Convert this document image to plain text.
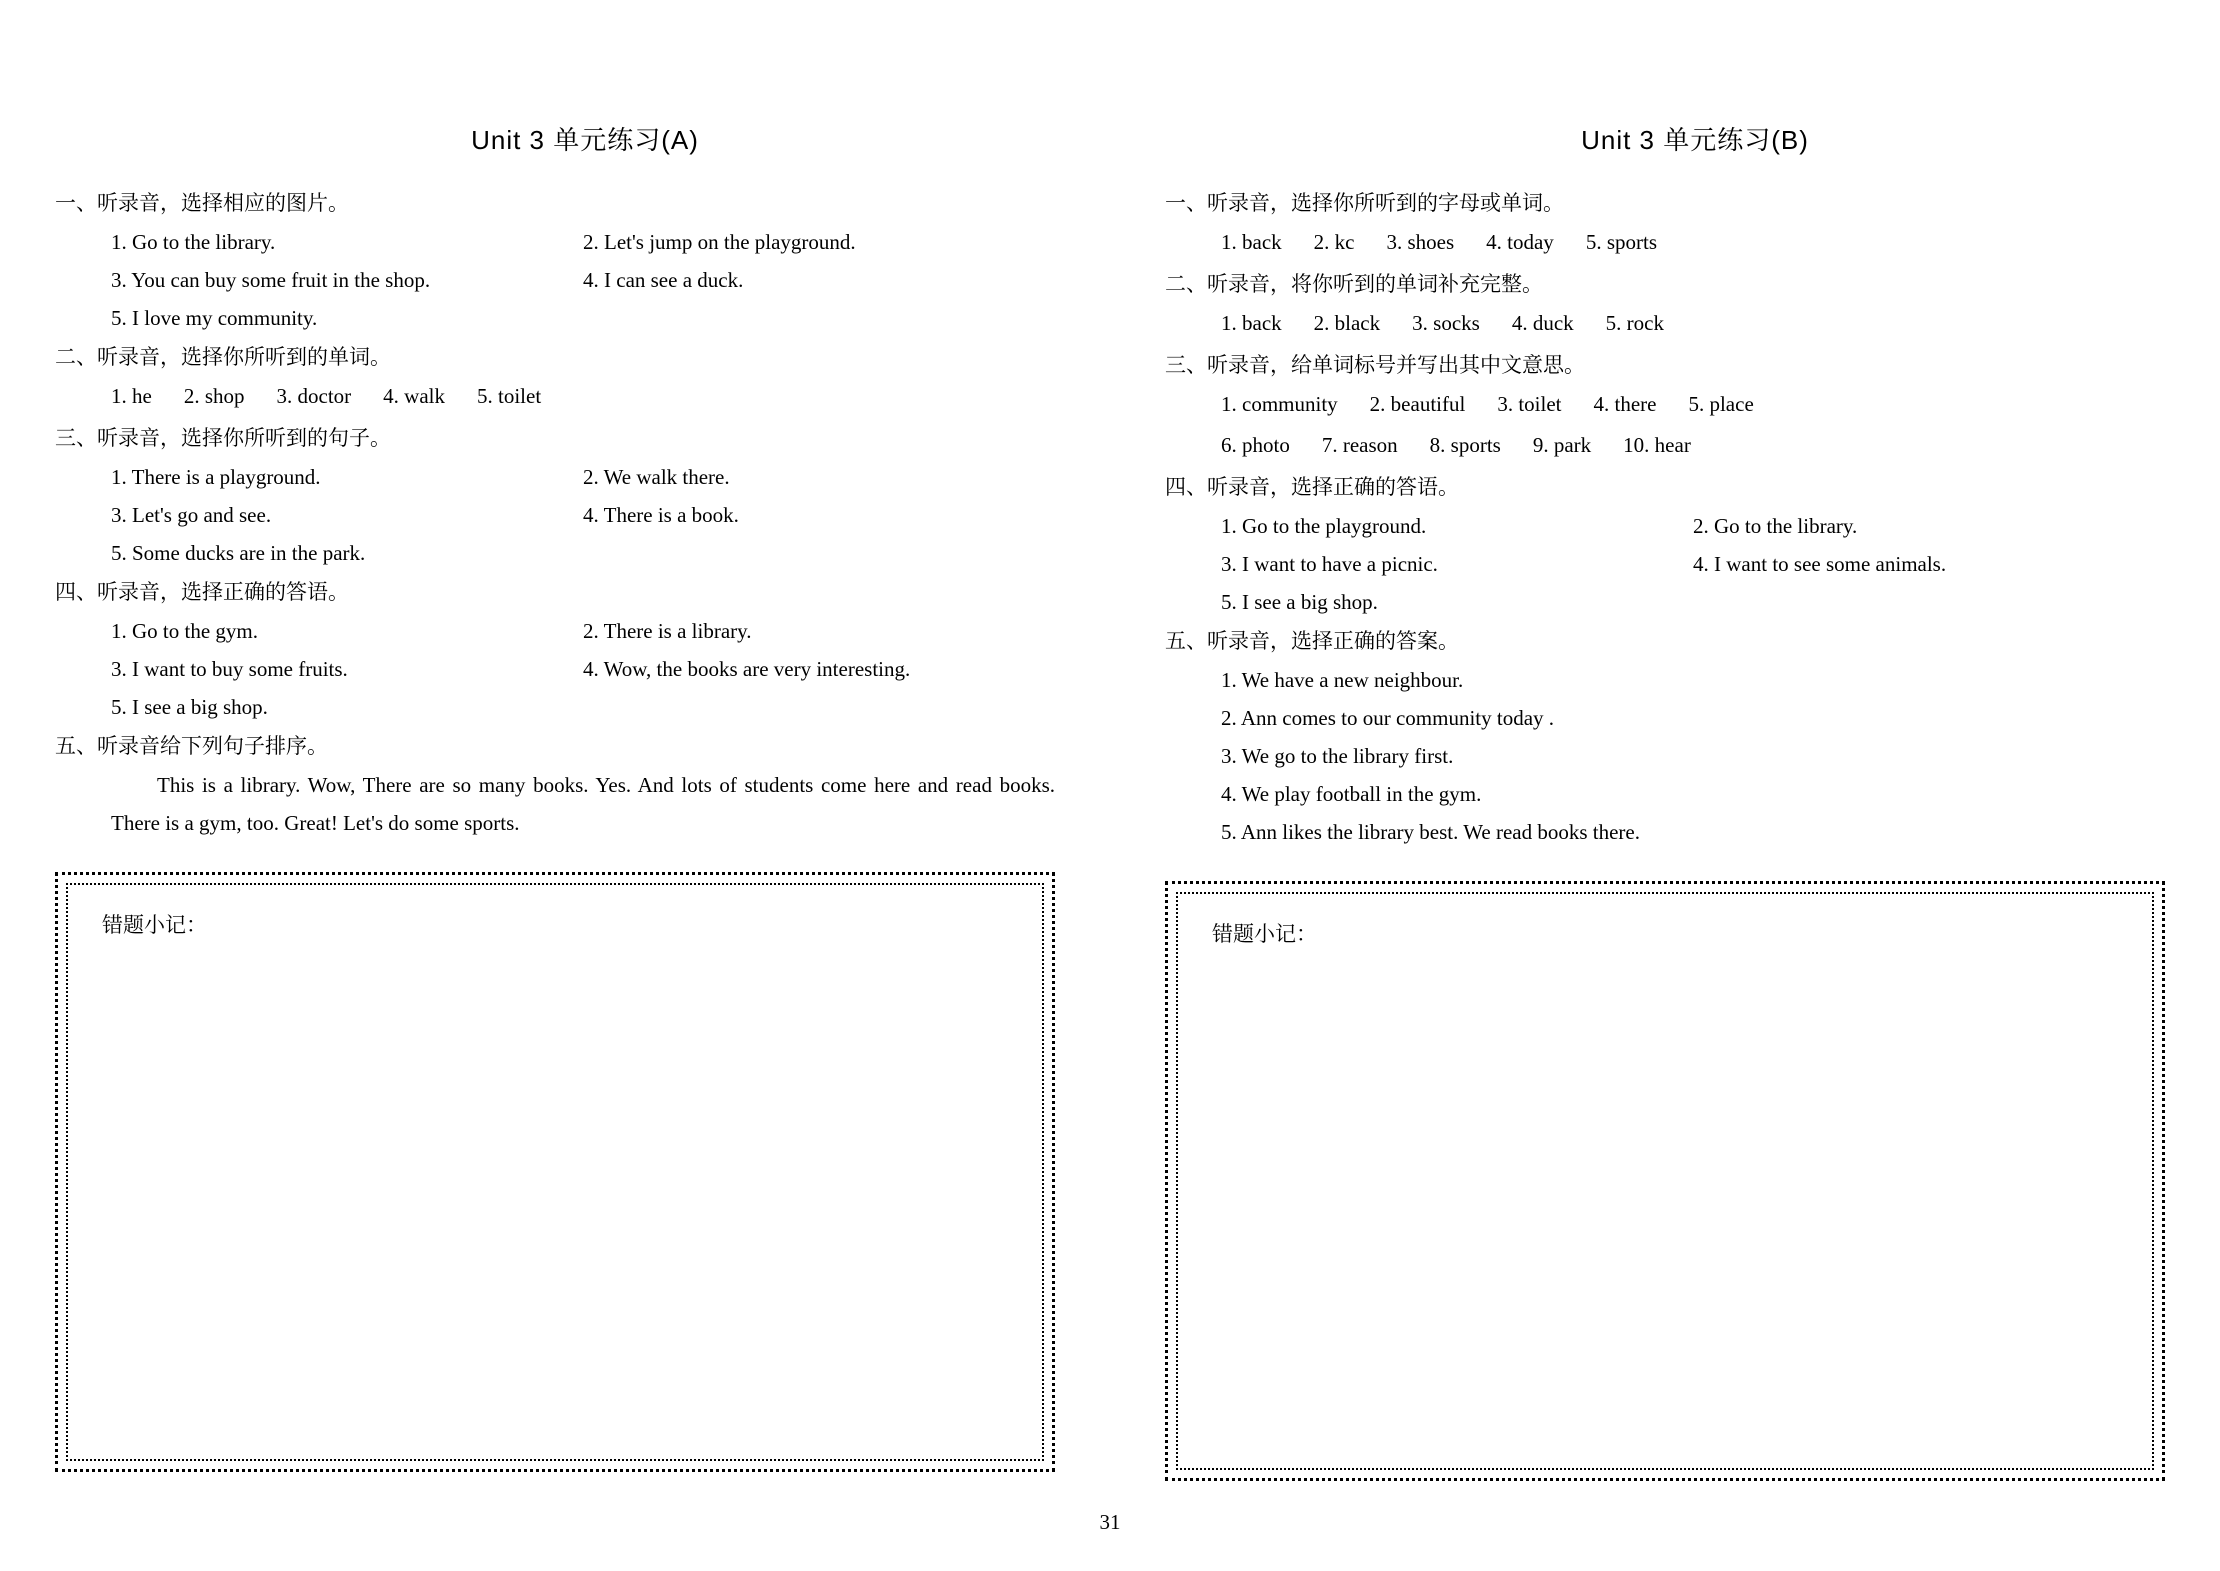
Unit 3 单元练习(A)
一、听录音，选择相应的图片。
1. Go to the library.	2. Let's jump on the playground.
3. You can buy some fruit in the shop.	4. I can see a duck.
5. I love my community.
二、听录音，选择你所听到的单词。
1. he 2. shop 3. doctor 4. walk 5. toilet
三、听录音，选择你所听到的句子。
1. There is a playground.	2. We walk there.
3. Let's go and see.	4. There is a book.
5. Some ducks are in the park.
四、听录音，选择正确的答语。
1. Go to the gym.	2. There is a library.
3. I want to buy some fruits.	4. Wow, the books are very interesting.
5. I see a big shop.
五、听录音给下列句子排序。
This is a library. Wow, There are so many books. Yes. And lots of students come here and read books. There is a gym, too. Great! Let's do some sports.
错题小记：
Unit 3 单元练习(B)
一、听录音，选择你所听到的字母或单词。
1. back 2. kc 3. shoes 4. today 5. sports
二、听录音，将你听到的单词补充完整。
1. back 2. black 3. socks 4. duck 5. rock
三、听录音，给单词标号并写出其中文意思。
1. community 2. beautiful 3. toilet 4. there 5. place
6. photo 7. reason 8. sports 9. park 10. hear
四、听录音，选择正确的答语。
1. Go to the playground.	2. Go to the library.
3. I want to have a picnic.	4. I want to see some animals.
5. I see a big shop.
五、听录音，选择正确的答案。
1. We have a new neighbour.
2. Ann comes to our community today .
3. We go to the library first.
4. We play football in the gym.
5. Ann likes the library best. We read books there.
错题小记：
31
